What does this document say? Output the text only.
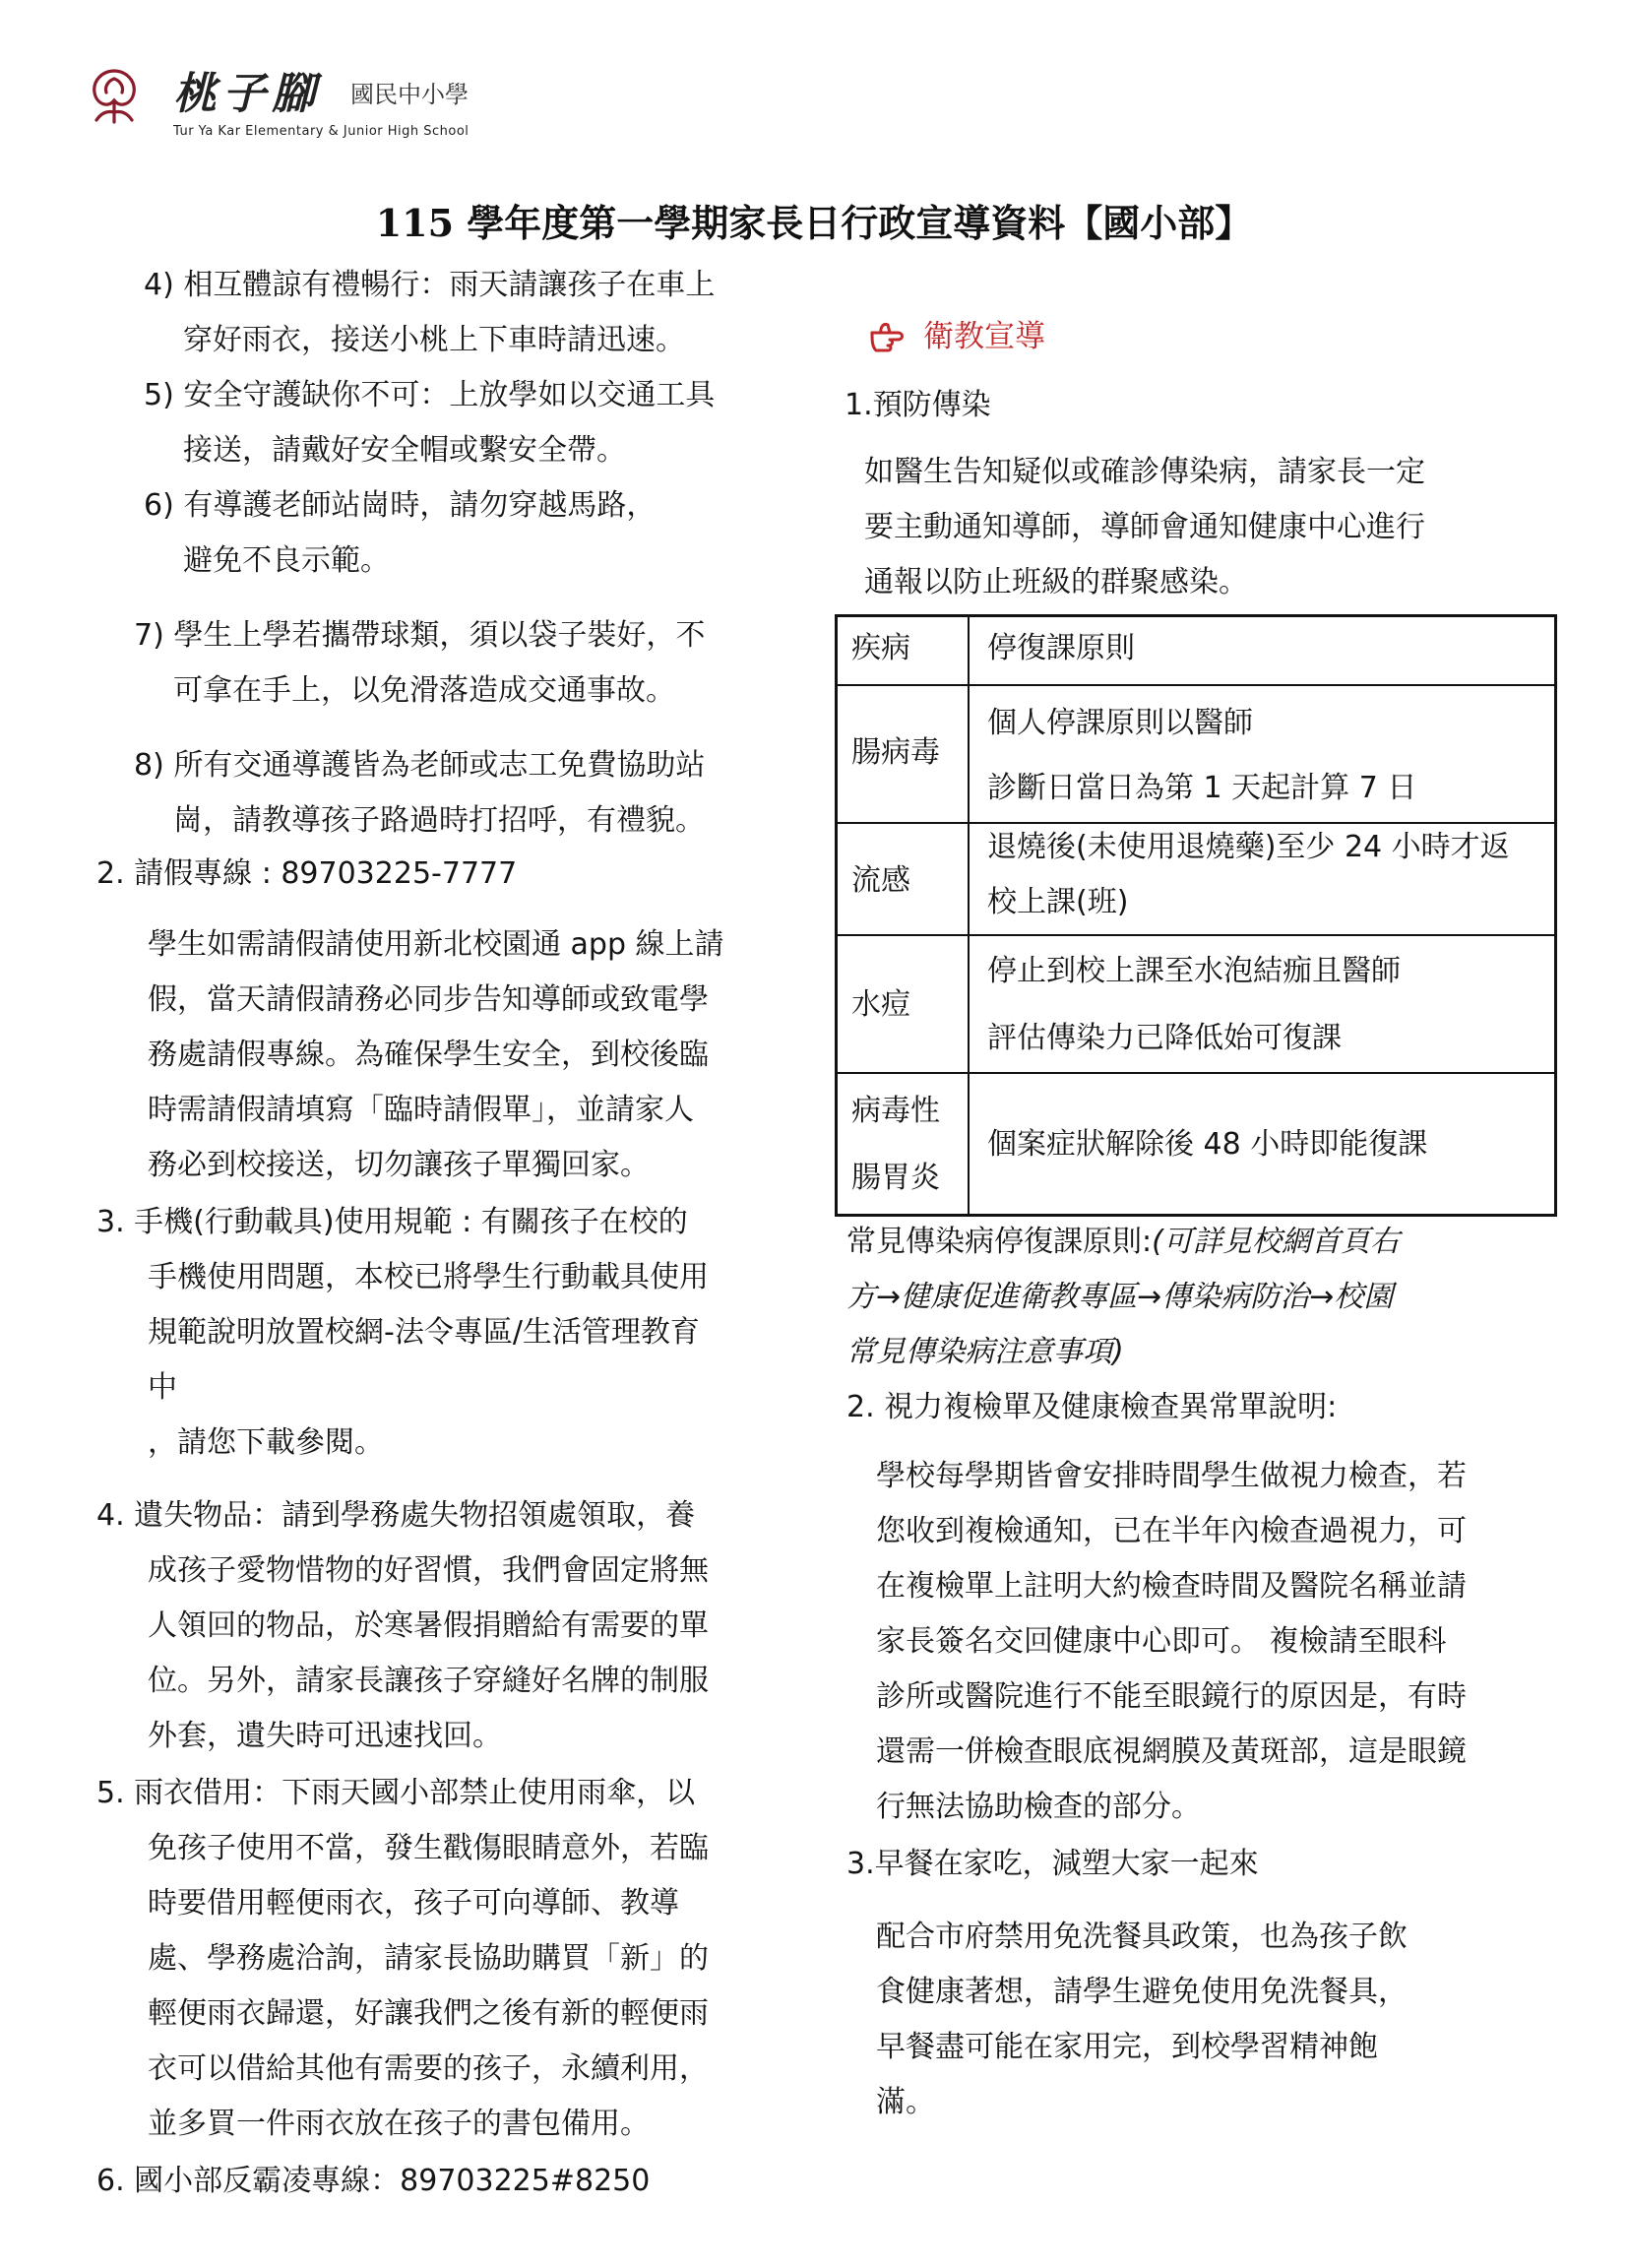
桃子腳 國民中小學
Tur Ya Kar Elementary & Junior High School
115 學年度第一學期家長日行政宣導資料【國小部】
4) 相互體諒有禮暢行：雨天請讓孩子在車上
穿好雨衣，接送小桃上下車時請迅速。
5) 安全守護缺你不可：上放學如以交通工具
接送，請戴好安全帽或繫安全帶。
6) 有導護老師站崗時，請勿穿越馬路，
避免不良示範。
7) 學生上學若攜帶球類，須以袋子裝好，不
可拿在手上，以免滑落造成交通事故。
8) 所有交通導護皆為老師或志工免費協助站
崗，請教導孩子路過時打招呼，有禮貌。
2. 請假專線 : 89703225-7777
學生如需請假請使用新北校園通 app 線上請
假，當天請假請務必同步告知導師或致電學
務處請假專線。為確保學生安全，到校後臨
時需請假請填寫「臨時請假單」，並請家人
務必到校接送，切勿讓孩子單獨回家。
3. 手機(行動載具)使用規範 : 有關孩子在校的
手機使用問題，本校已將學生行動載具使用
規範說明放置校網-法令專區/生活管理教育
中
，請您下載參閱。
4. 遺失物品：請到學務處失物招領處領取，養
成孩子愛物惜物的好習慣，我們會固定將無
人領回的物品，於寒暑假捐贈給有需要的單
位。另外，請家長讓孩子穿縫好名牌的制服
外套，遺失時可迅速找回。
5. 雨衣借用：下雨天國小部禁止使用雨傘，以
免孩子使用不當，發生戳傷眼睛意外，若臨
時要借用輕便雨衣，孩子可向導師、教導
處、學務處洽詢，請家長協助購買「新」的
輕便雨衣歸還，好讓我們之後有新的輕便雨
衣可以借給其他有需要的孩子，永續利用，
並多買一件雨衣放在孩子的書包備用。
6. 國小部反霸凌專線：89703225#8250
衛教宣導
1.預防傳染
如醫生告知疑似或確診傳染病，請家長一定
要主動通知導師，導師會通知健康中心進行
通報以防止班級的群聚感染。
疾病	停復課原則
腸病毒
個人停課原則以醫師
診斷日當日為第 1 天起計算 7 日
流感
退燒後(未使用退燒藥)至少 24 小時才返
校上課(班)
水痘
停止到校上課至水泡結痂且醫師
評估傳染力已降低始可復課
病毒性
腸胃炎
個案症狀解除後 48 小時即能復課
常見傳染病停復課原則:(可詳見校網首頁右
方→健康促進衛教專區→傳染病防治→校園
常見傳染病注意事項)
2. 視力複檢單及健康檢查異常單說明:
學校每學期皆會安排時間學生做視力檢查，若
您收到複檢通知，已在半年內檢查過視力，可
在複檢單上註明大約檢查時間及醫院名稱並請
家長簽名交回健康中心即可。 複檢請至眼科
診所或醫院進行不能至眼鏡行的原因是，有時
還需一併檢查眼底視網膜及黃斑部，這是眼鏡
行無法協助檢查的部分。
3.早餐在家吃，減塑大家一起來
配合市府禁用免洗餐具政策，也為孩子飲
食健康著想，請學生避免使用免洗餐具，
早餐盡可能在家用完，到校學習精神飽
滿。
